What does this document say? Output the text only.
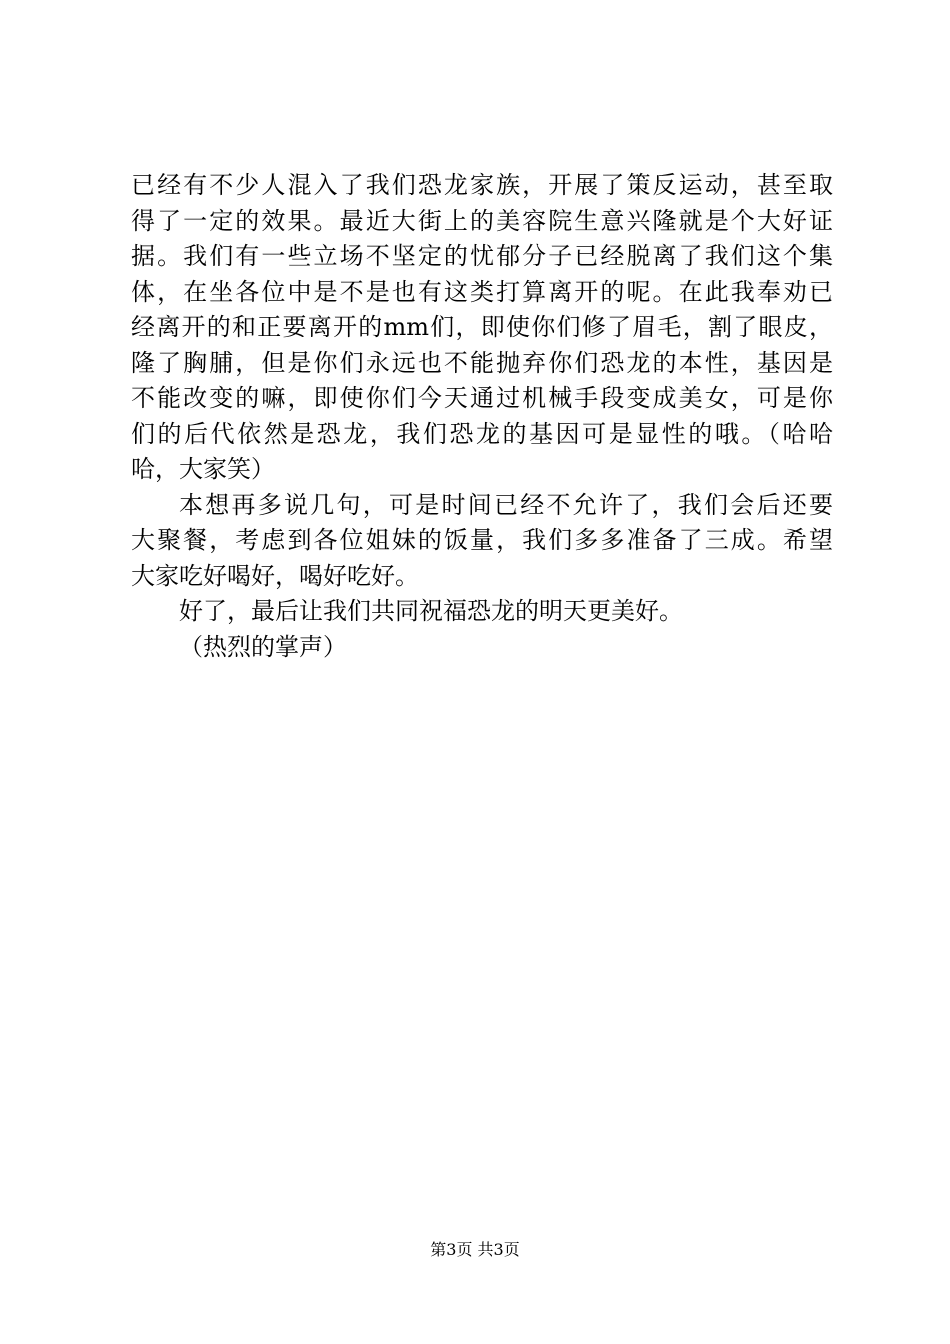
已经有不少人混入了我们恐龙家族，开展了策反运动，甚至取
得了一定的效果。最近大街上的美容院生意兴隆就是个大好证
据。我们有一些立场不坚定的忧郁分子已经脱离了我们这个集
体，在坐各位中是不是也有这类打算离开的呢。在此我奉劝已
经离开的和正要离开的mm们，即使你们修了眉毛，割了眼皮，
隆了胸脯，但是你们永远也不能抛弃你们恐龙的本性，基因是
不能改变的嘛，即使你们今天通过机械手段变成美女，可是你
们的后代依然是恐龙，我们恐龙的基因可是显性的哦。（哈哈
哈，大家笑）
本想再多说几句，可是时间已经不允许了，我们会后还要
大聚餐，考虑到各位姐妹的饭量，我们多多准备了三成。希望
大家吃好喝好，喝好吃好。
好了，最后让我们共同祝福恐龙的明天更美好。
（热烈的掌声）
第3页 共3页
